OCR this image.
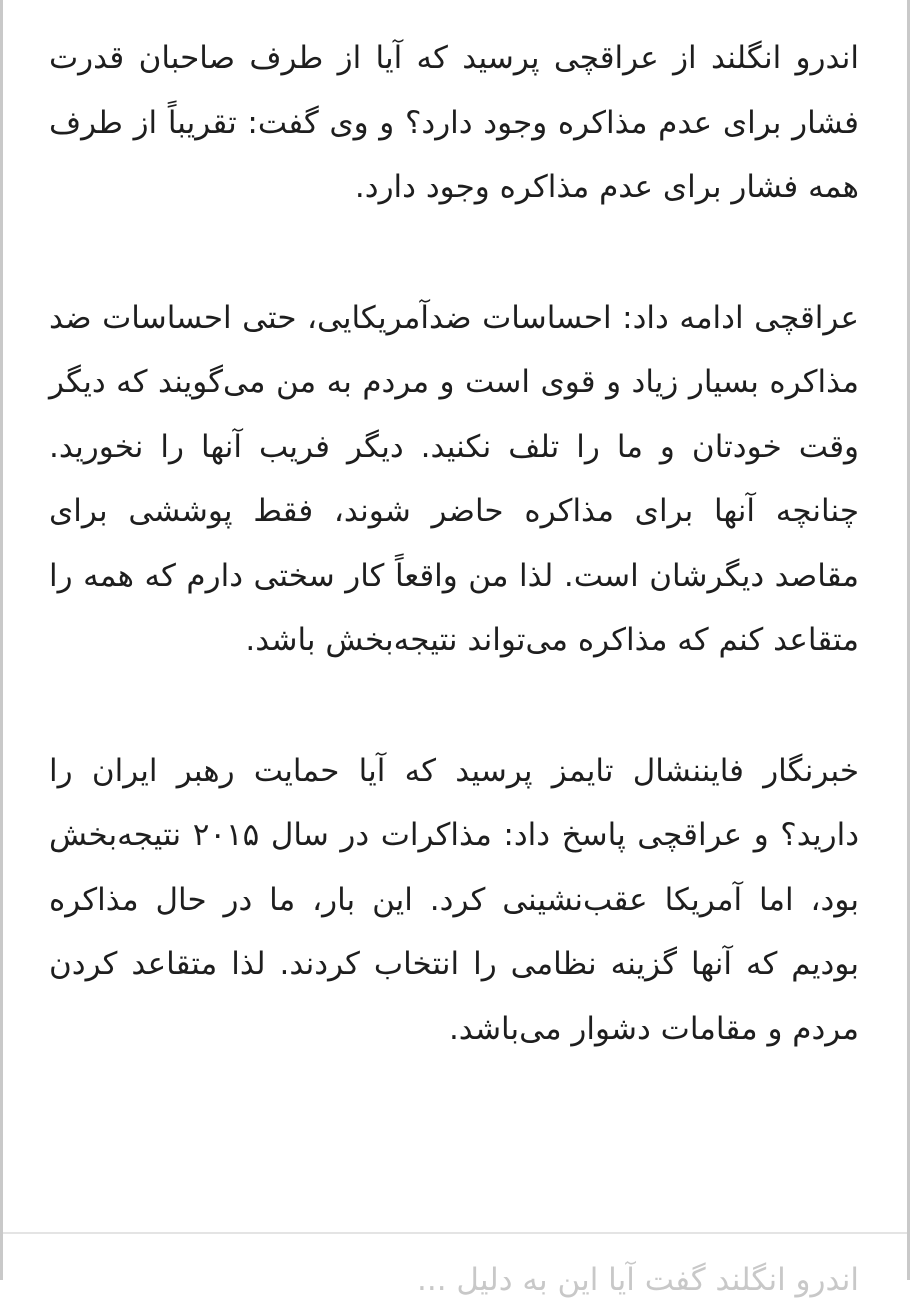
اندرو انگلند از عراقچی پرسید که آیا از طرف صاحبان قدرت فشار برای عدم مذاکره وجود دارد؟ و وی گفت: تقریباً از طرف همه فشار برای عدم مذاکره وجود دارد.

عراقچی ادامه داد: احساسات ضدآمریکایی، حتی احساسات ضد مذاکره بسیار زیاد و قوی است و مردم به من می‌گویند که دیگر وقت خودتان و ما را تلف نکنید. دیگر فریب آنها را نخورید. چنانچه آنها برای مذاکره حاضر شوند، فقط پوششی برای مقاصد دیگرشان است. لذا من واقعاً کار سختی دارم که همه را متقاعد کنم که مذاکره می‌تواند نتیجه‌بخش باشد.

خبرنگار فایننشال تایمز پرسید که آیا حمایت رهبر ایران را دارید؟ و عراقچی پاسخ داد: مذاکرات در سال ۲۰۱۵ نتیجه‌بخش بود، اما آمریکا عقب‌نشینی کرد. این بار، ما در حال مذاکره بودیم که آنها گزینه نظامی را انتخاب کردند. لذا متقاعد کردن مردم و مقامات دشوار می‌باشد.

اندرو انگلند گفت آیا این به دلیل ...
